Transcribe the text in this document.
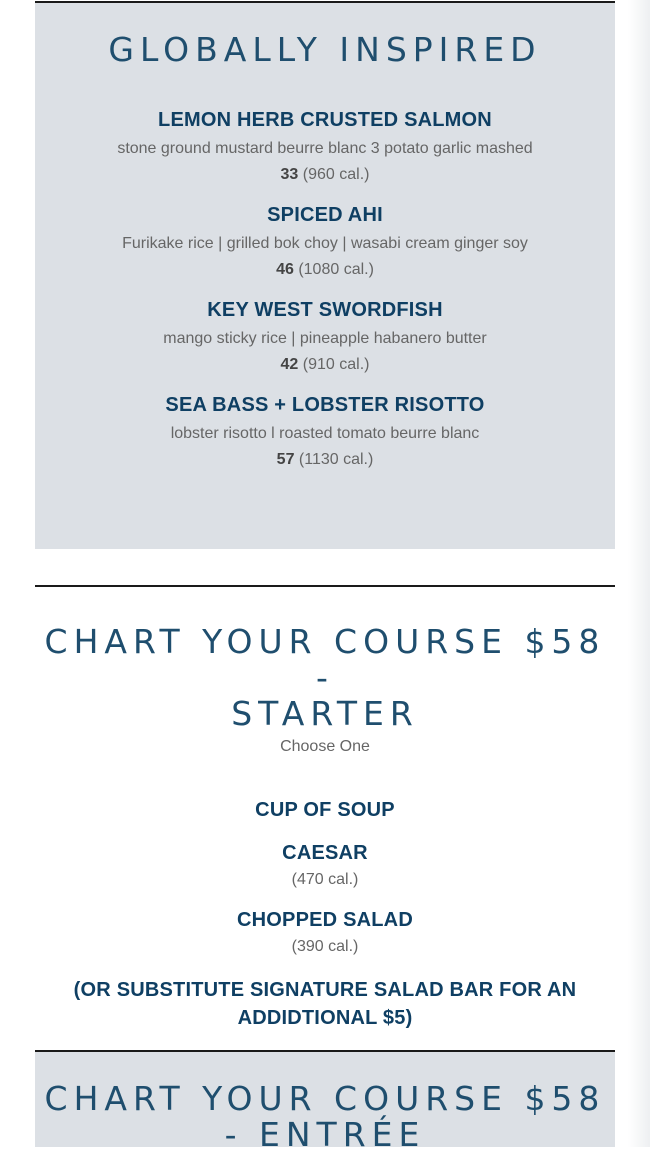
GLOBALLY INSPIRED
LEMON HERB CRUSTED SALMON
stone ground mustard beurre blanc 3 potato garlic mashed
33 (960 cal.)
SPICED AHI
Furikake rice | grilled bok choy | wasabi cream ginger soy
46 (1080 cal.)
KEY WEST SWORDFISH
mango sticky rice | pineapple habanero butter
42 (910 cal.)
SEA BASS + LOBSTER RISOTTO
lobster risotto l roasted tomato beurre blanc
57 (1130 cal.)
CHART YOUR COURSE $58 -
STARTER
Choose One
CUP OF SOUP
CAESAR
(470 cal.)
CHOPPED SALAD
(390 cal.)
(OR SUBSTITUTE SIGNATURE SALAD BAR FOR AN
ADDIDTIONAL $5)
CHART YOUR COURSE $58
- ENTRÉE
